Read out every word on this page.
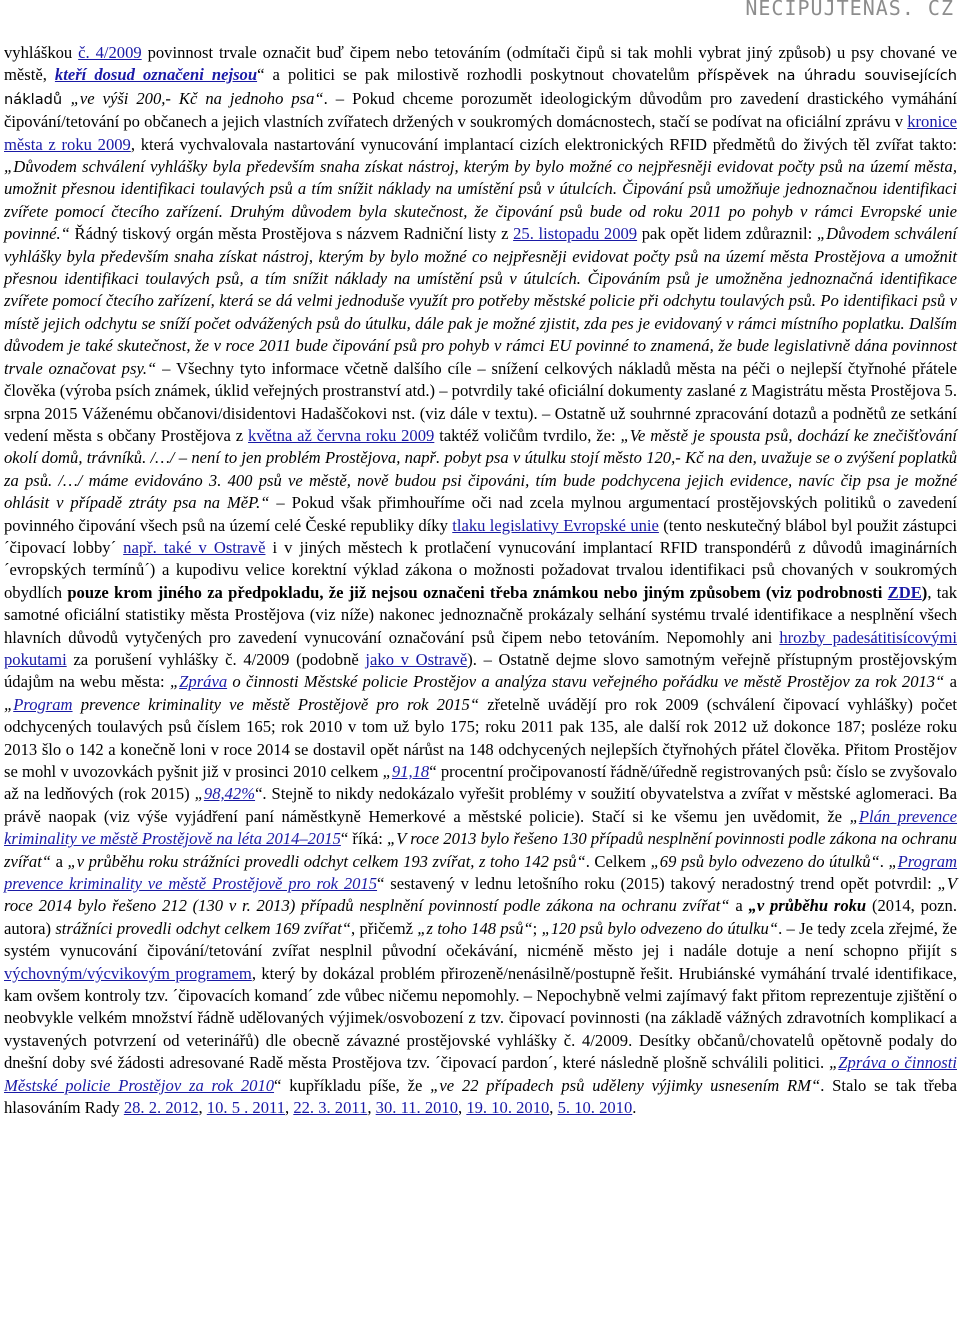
NECIPUJTENAS. CZ

vyhláškou č. 4/2009 povinnost trvale označit buď čipem nebo tetováním (odmítači čipů si tak mohli vybrat jiný způsob) u psy chované ve městě, kteří dosud označeni nejsou“ a politici se pak milostivě rozhodli poskytnout chovatelům příspěvek na úhradu souvisejících nákladů „ve výši 200,- Kč na jednoho psa“. – Pokud chceme porozumět ideologickým důvodům pro zavedení drastického vymáhání čipování/tetování po občanech a jejich vlastních zvířatech držených v soukromých domácnostech, stačí se podívat na oficiální zprávu v kronice města z roku 2009, která vychvalovala nastartování vynucování implantací cizích elektronických RFID předmětů do živých těl zvířat takto: „Důvodem schválení vyhlášky byla především snaha získat nástroj, kterým by bylo možné co nejpřesněji evidovat počty psů na území města, umožnit přesnou identifikaci toulavých psů a tím snížit náklady na umístění psů v útulcích. Čipování psů umožňuje jednoznačnou identifikaci zvířete pomocí čtecího zařízení. Druhým důvodem byla skutečnost, že čipování psů bude od roku 2011 po pohyb v rámci Evropské unie povinné.“ Řádný tiskový orgán města Prostějova s názvem Radniční listy z 25. listopadu 2009 pak opět lidem zdůraznil: „Důvodem schválení vyhlášky byla především snaha získat nástroj, kterým by bylo možné co nejpřesněji evidovat počty psů na území města Prostějova a umožnit přesnou identifikaci toulavých psů, a tím snížit náklady na umístění psů v útulcích. Čipováním psů je umožněna jednoznačná identifikace zvířete pomocí čtecího zařízení, která se dá velmi jednoduše využít pro potřeby městské policie při odchytu toulavých psů. Po identifikaci psů v místě jejich odchytu se sníží počet odvážených psů do útulku, dále pak je možné zjistit, zda pes je evidovaný v rámci místního poplatku. Dalším důvodem je také skutečnost, že v roce 2011 bude čipování psů pro pohyb v rámci EU povinné to znamená, že bude legislativně dána povinnost trvale označovat psy.“ – Všechny tyto informace včetně dalšího cíle – snížení celkových nákladů města na péči o nejlepší čtyřnohé přátele člověka (výroba psích známek, úklid veřejných prostranství atd.) – potvrdily také oficiální dokumenty zaslané z Magistrátu města Prostějova 5. srpna 2015 Váženému občanovi/disidentovi Hadaščokovi nst. (viz dále v textu). – Ostatně už souhrnné zpracování dotazů a podnětů ze setkání vedení města s občany Prostějova z května až června roku 2009 taktéž voličům tvrdilo, že: „Ve městě je spousta psů, dochází ke znečišťování okolí domů, trávníků. /…/ – není to jen problém Prostějova, např. pobyt psa v útulku stojí město 120,- Kč na den, uvažuje se o zvýšení poplatků za psů. /…/ máme evidováno 3. 400 psů ve městě, nově budou psi čipováni, tím bude podchycena jejich evidence, navíc čip psa je možné ohlásit v případě ztráty psa na MěP.“ – Pokud však přimhouříme oči nad zcela mylnou argumentací prostějovských politiků o zavedení povinného čipování všech psů na území celé České republiky díky tlaku legislativy Evropské unie (tento neskutečný blábol byl použit zástupci ´čipovací lobby´ např. také v Ostravě i v jiných městech k protlačení vynucování implantací RFID transpondérů z důvodů imaginárních ´evropských termínů´) a kupodivu velice korektní výklad zákona o možnosti požadovat trvalou identifikaci psů chovaných v soukromých obydlích pouze krom jiného za předpokladu, že již nejsou označeni třeba známkou nebo jiným způsobem (viz podrobnosti ZDE), tak samotné oficiální statistiky města Prostějova (viz níže) nakonec jednoznačně prokázaly selhání systému trvalé identifikace a nesplnění všech hlavních důvodů vytyčených pro zavedení vynucování označování psů čipem nebo tetováním. Nepomohly ani hrozby padesátitisícovými pokutami za porušení vyhlášky č. 4/2009 (podobně jako v Ostravě). – Ostatně dejme slovo samotným veřejně přístupným prostějovským údajům na webu města: „Zpráva o činnosti Městské policie Prostějov a analýza stavu veřejného pořádku ve městě Prostějov za rok 2013“ a „Program prevence kriminality ve městě Prostějově pro rok 2015“ zřetelně uvádějí pro rok 2009 (schválení čipovací vyhlášky) počet odchycených toulavých psů číslem 165; rok 2010 v tom už bylo 175; roku 2011 pak 135, ale další rok 2012 už dokonce 187; posléze roku 2013 šlo o 142 a konečně loni v roce 2014 se dostavil opět nárůst na 148 odchycených nejlepších čtyřnohých přátel člověka. Přitom Prostějov se mohl v uvozovkách pyšnit již v prosinci 2010 celkem „91,18“ procentní pročipovaností řádně/úředně registrovaných psů: číslo se zvyšovalo až na ledňových (rok 2015) „98,42%“. Stejně to nikdy nedokázalo vyřešit problémy v soužití obyvatelstva a zvířat v městské aglomeraci. Ba právě naopak (viz výše vyjádření paní náměstkyně Hemerkové a městské policie). Stačí si ke všemu jen uvědomit, že „Plán prevence kriminality ve městě Prostějově na léta 2014–2015“ říká: „V roce 2013 bylo řešeno 130 případů nesplnění povinnosti podle zákona na ochranu zvířat“ a „v průběhu roku strážníci provedli odchyt celkem 193 zvířat, z toho 142 psů“. Celkem „69 psů bylo odvezeno do útulků“. „Program prevence kriminality ve městě Prostějově pro rok 2015“ sestavený v lednu letošního roku (2015) takový neradostný trend opět potvrdil: „V roce 2014 bylo řešeno 212 (130 v r. 2013) případů nesplnění povinností podle zákona na ochranu zvířat“ a „v průběhu roku (2014, pozn. autora) strážníci provedli odchyt celkem 169 zvířat“, přičemž „z toho 148 psů“; „120 psů bylo odvezeno do útulku“. – Je tedy zcela zřejmé, že systém vynucování čipování/tetování zvířat nesplnil původní očekávání, nicméně město jej i nadále dotuje a není schopno přijít s výchovným/výcvikovým programem, který by dokázal problém přirozeně/nenásilně/postupně řešit. Hrubiánské vymáhání trvalé identifikace, kam ovšem kontroly tzv. ´čipovacích komand´ zde vůbec ničemu nepomohly. – Nepochybně velmi zajímavý fakt přitom reprezentuje zjištění o neobvykle velkém množství řádně udělovaných výjimek/osvobození z tzv. čipovací povinnosti (na základě vážných zdravotních komplikací a vystavených potvrzení od veterinářů) dle obecně závazné prostějovské vyhlášky č. 4/2009. Desítky občanů/chovatelů opětovně podaly do dnešní doby své žádosti adresované Radě města Prostějova tzv. ´čipovací pardon´, které následně plošně schválili politici. „Zpráva o činnosti Městské policie Prostějov za rok 2010“ kupříkladu píše, že „ve 22 případech psů uděleny výjimky usnesením RM“. Stalo se tak třeba hlasováním Rady 28. 2. 2012, 10. 5 . 2011, 22. 3. 2011, 30. 11. 2010, 19. 10. 2010, 5. 10. 2010.
